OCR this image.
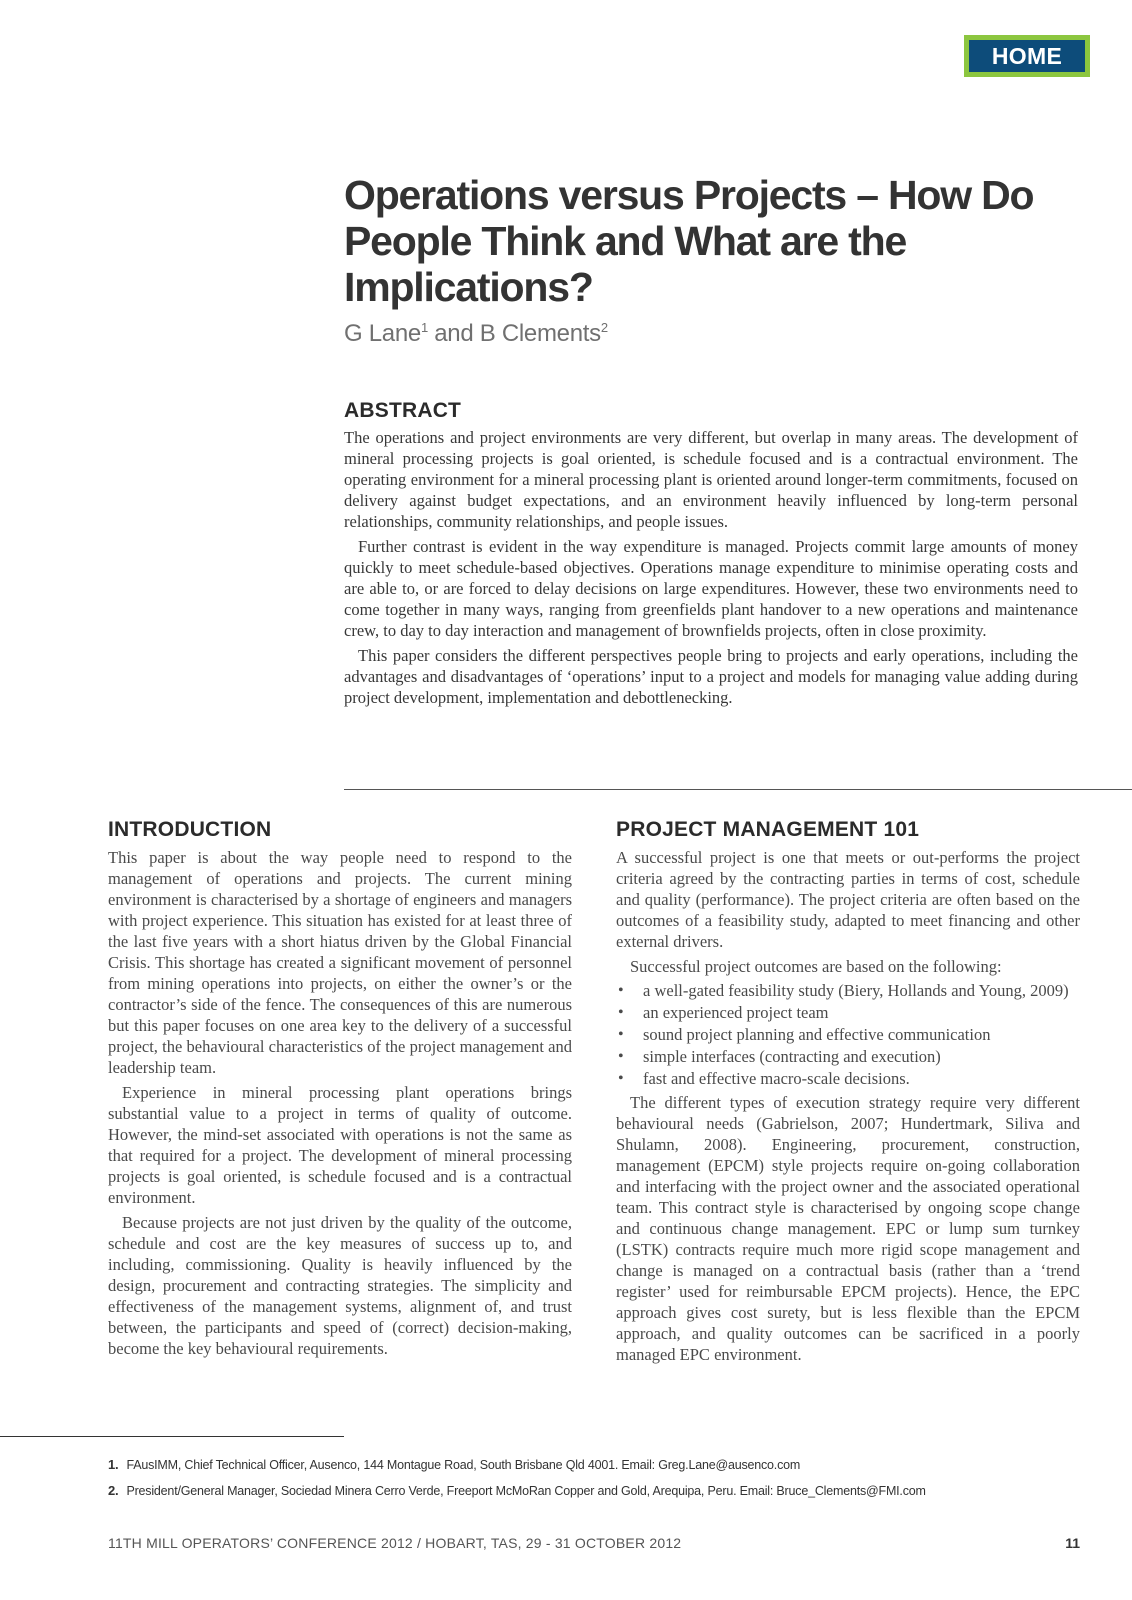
HOME
Operations versus Projects – How Do People Think and What are the Implications?
G Lane$^1$ and B Clements$^2$
ABSTRACT

The operations and project environments are very different, but overlap in many areas. The development of mineral processing projects is goal oriented, is schedule focused and is a contractual environment. The operating environment for a mineral processing plant is oriented around longer-term commitments, focused on delivery against budget expectations, and an environment heavily influenced by long-term personal relationships, community relationships, and people issues.

Further contrast is evident in the way expenditure is managed. Projects commit large amounts of money quickly to meet schedule-based objectives. Operations manage expenditure to minimise operating costs and are able to, or are forced to delay decisions on large expenditures. However, these two environments need to come together in many ways, ranging from greenfields plant handover to a new operations and maintenance crew, to day to day interaction and management of brownfields projects, often in close proximity.

This paper considers the different perspectives people bring to projects and early operations, including the advantages and disadvantages of ‘operations’ input to a project and models for managing value adding during project development, implementation and debottlenecking.

INTRODUCTION

This paper is about the way people need to respond to the management of operations and projects. The current mining environment is characterised by a shortage of engineers and managers with project experience. This situation has existed for at least three of the last five years with a short hiatus driven by the Global Financial Crisis. This shortage has created a significant movement of personnel from mining operations into projects, on either the owner’s or the contractor’s side of the fence. The consequences of this are numerous but this paper focuses on one area key to the delivery of a successful project, the behavioural characteristics of the project management and leadership team.

Experience in mineral processing plant operations brings substantial value to a project in terms of quality of outcome. However, the mind-set associated with operations is not the same as that required for a project. The development of mineral processing projects is goal oriented, is schedule focused and is a contractual environment.

Because projects are not just driven by the quality of the outcome, schedule and cost are the key measures of success up to, and including, commissioning. Quality is heavily influenced by the design, procurement and contracting strategies. The simplicity and effectiveness of the management systems, alignment of, and trust between, the participants and speed of (correct) decision-making, become the key behavioural requirements.

PROJECT MANAGEMENT 101

A successful project is one that meets or out-performs the project criteria agreed by the contracting parties in terms of cost, schedule and quality (performance). The project criteria are often based on the outcomes of a feasibility study, adapted to meet financing and other external drivers.

Successful project outcomes are based on the following:

• a well-gated feasibility study (Biery, Hollands and Young, 2009)
• an experienced project team
• sound project planning and effective communication
• simple interfaces (contracting and execution)
• fast and effective macro-scale decisions.

The different types of execution strategy require very different behavioural needs (Gabrielson, 2007; Hundertmark, Siliva and Shulamn, 2008). Engineering, procurement, construction, management (EPCM) style projects require on-going collaboration and interfacing with the project owner and the associated operational team. This contract style is characterised by ongoing scope change and continuous change management. EPC or lump sum turnkey (LSTK) contracts require much more rigid scope management and change is managed on a contractual basis (rather than a ‘trend register’ used for reimbursable EPCM projects). Hence, the EPC approach gives cost surety, but is less flexible than the EPCM approach, and quality outcomes can be sacrificed in a poorly managed EPC environment.

1. FAusIMM, Chief Technical Officer, Ausenco, 144 Montague Road, South Brisbane Qld 4001. Email: Greg.Lane@ausenco.com
2. President/General Manager, Sociedad Minera Cerro Verde, Freeport McMoRan Copper and Gold, Arequipa, Peru. Email: Bruce_Clements@FMI.com
11TH MILL OPERATORS’ CONFERENCE 2012 / HOBART, TAS, 29 - 31 OCTOBER 2012	11
